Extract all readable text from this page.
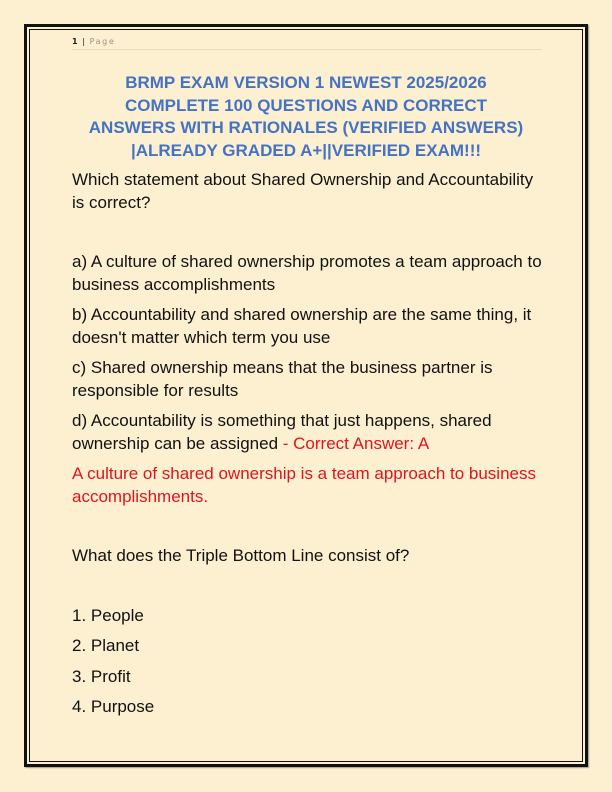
1 | Page
BRMP EXAM VERSION 1 NEWEST 2025/2026
COMPLETE 100 QUESTIONS AND CORRECT
ANSWERS WITH RATIONALES (VERIFIED ANSWERS)
|ALREADY GRADED A+||VERIFIED EXAM!!!

Which statement about Shared Ownership and Accountability is correct?

a) A culture of shared ownership promotes a team approach to business accomplishments

b) Accountability and shared ownership are the same thing, it doesn't matter which term you use

c) Shared ownership means that the business partner is responsible for results

d) Accountability is something that just happens, shared ownership can be assigned - Correct Answer: A

A culture of shared ownership is a team approach to business accomplishments.

What does the Triple Bottom Line consist of?

1. People

2. Planet

3. Profit

4. Purpose
